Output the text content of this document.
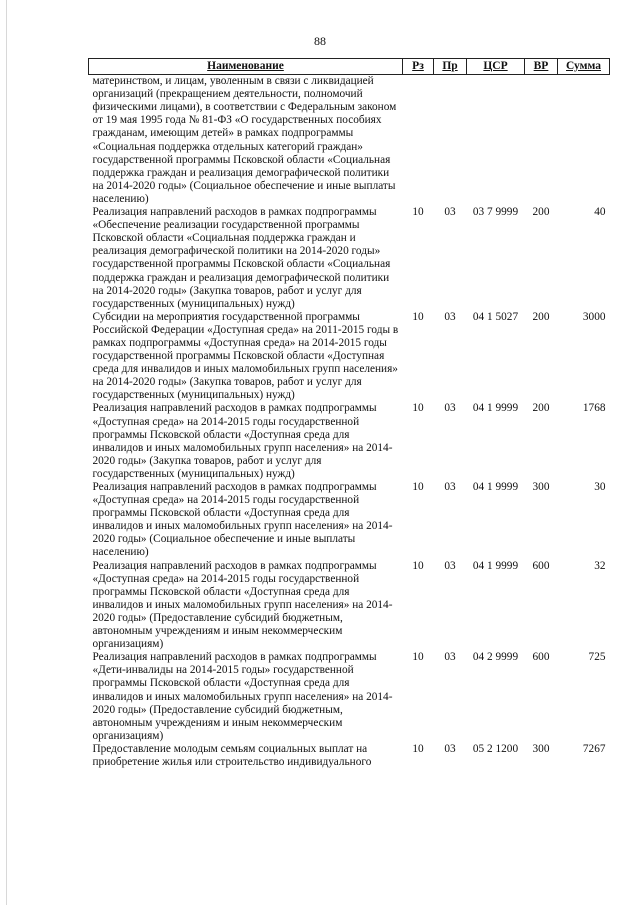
88
Наименование	Рз	Пр	ЦСР	ВР	Сумма
материнством, и лицам, уволенным в связи с ликвидацией организаций (прекращением деятельности, полномочий физическими лицами), в соответствии с Федеральным законом от 19 мая 1995 года № 81-ФЗ «О государственных пособиях гражданам, имеющим детей» в рамках подпрограммы «Социальная поддержка отдельных категорий граждан» государственной программы Псковской области «Социальная поддержка граждан и реализация демографической политики на 2014-2020 годы» (Социальное обеспечение и иные выплаты населению)					
Реализация направлений расходов в рамках подпрограммы «Обеспечение реализации государственной программы Псковской области «Социальная поддержка граждан и реализация демографической политики на 2014-2020 годы» государственной программы Псковской области «Социальная поддержка граждан и реализация демографической политики на 2014-2020 годы» (Закупка товаров, работ и услуг для государственных (муниципальных) нужд)	10	03	03 7 9999	200	40
Субсидии на мероприятия государственной программы Российской Федерации «Доступная среда» на 2011-2015 годы в рамках подпрограммы «Доступная среда» на 2014-2015 годы государственной программы Псковской области «Доступная среда для инвалидов и иных маломобильных групп населения» на 2014-2020 годы» (Закупка товаров, работ и услуг для государственных (муниципальных) нужд)	10	03	04 1 5027	200	3000
Реализация направлений расходов в рамках подпрограммы «Доступная среда» на 2014-2015 годы государственной программы Псковской области «Доступная среда для инвалидов и иных маломобильных групп населения» на 2014-2020 годы» (Закупка товаров, работ и услуг для государственных (муниципальных) нужд)	10	03	04 1 9999	200	1768
Реализация направлений расходов в рамках подпрограммы «Доступная среда» на 2014-2015 годы государственной программы Псковской области «Доступная среда для инвалидов и иных маломобильных групп населения» на 2014-2020 годы» (Социальное обеспечение и иные выплаты населению)	10	03	04 1 9999	300	30
Реализация направлений расходов в рамках подпрограммы «Доступная среда» на 2014-2015 годы государственной программы Псковской области «Доступная среда для инвалидов и иных маломобильных групп населения» на 2014-2020 годы» (Предоставление субсидий бюджетным, автономным учреждениям и иным некоммерческим организациям)	10	03	04 1 9999	600	32
Реализация направлений расходов в рамках подпрограммы «Дети-инвалиды на 2014-2015 годы» государственной программы Псковской области «Доступная среда для инвалидов и иных маломобильных групп населения» на 2014-2020 годы» (Предоставление субсидий бюджетным, автономным учреждениям и иным некоммерческим организациям)	10	03	04 2 9999	600	725
Предоставление молодым семьям социальных выплат на приобретение жилья или строительство индивидуального	10	03	05 2 1200	300	7267
